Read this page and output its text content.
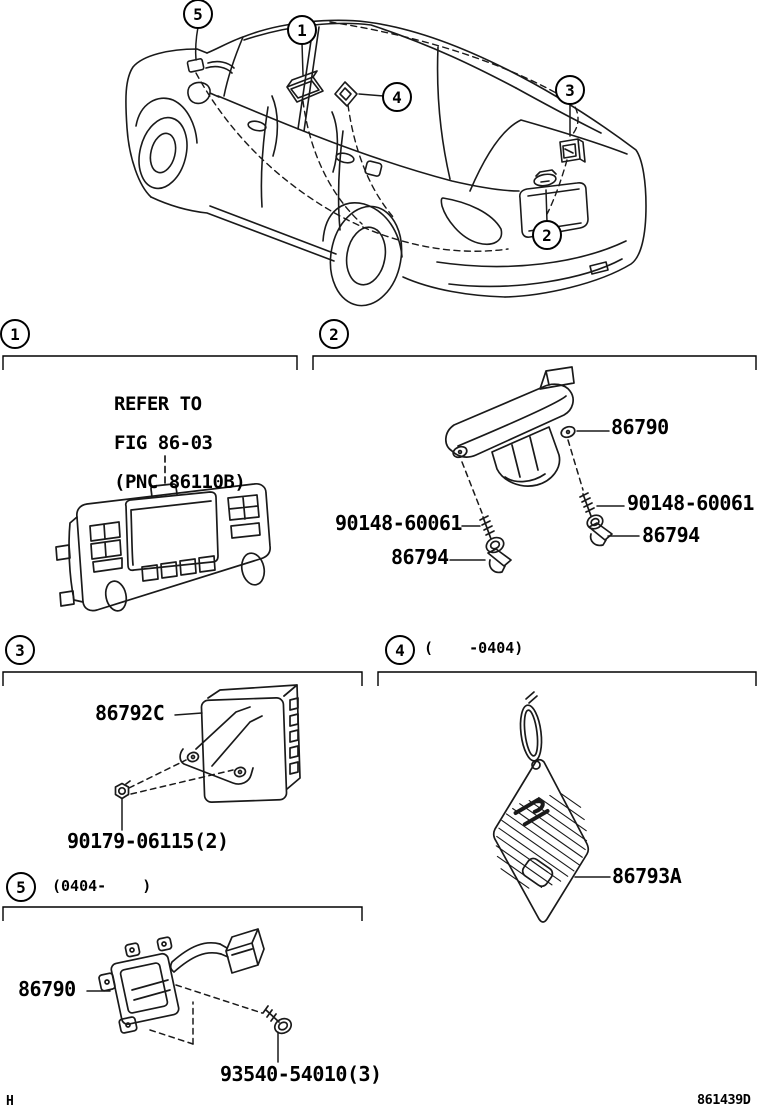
5
1
4	3
2
1	2
3	4
5
(    -0404)
(0404-    )
REFER TO

FIG 86-03

(PNC 86110B)
86790
90148-60061
86794
90148-60061
86794
86792C
90179-06115(2)
86793A
86790
93540-54010(3)
H	861439D
